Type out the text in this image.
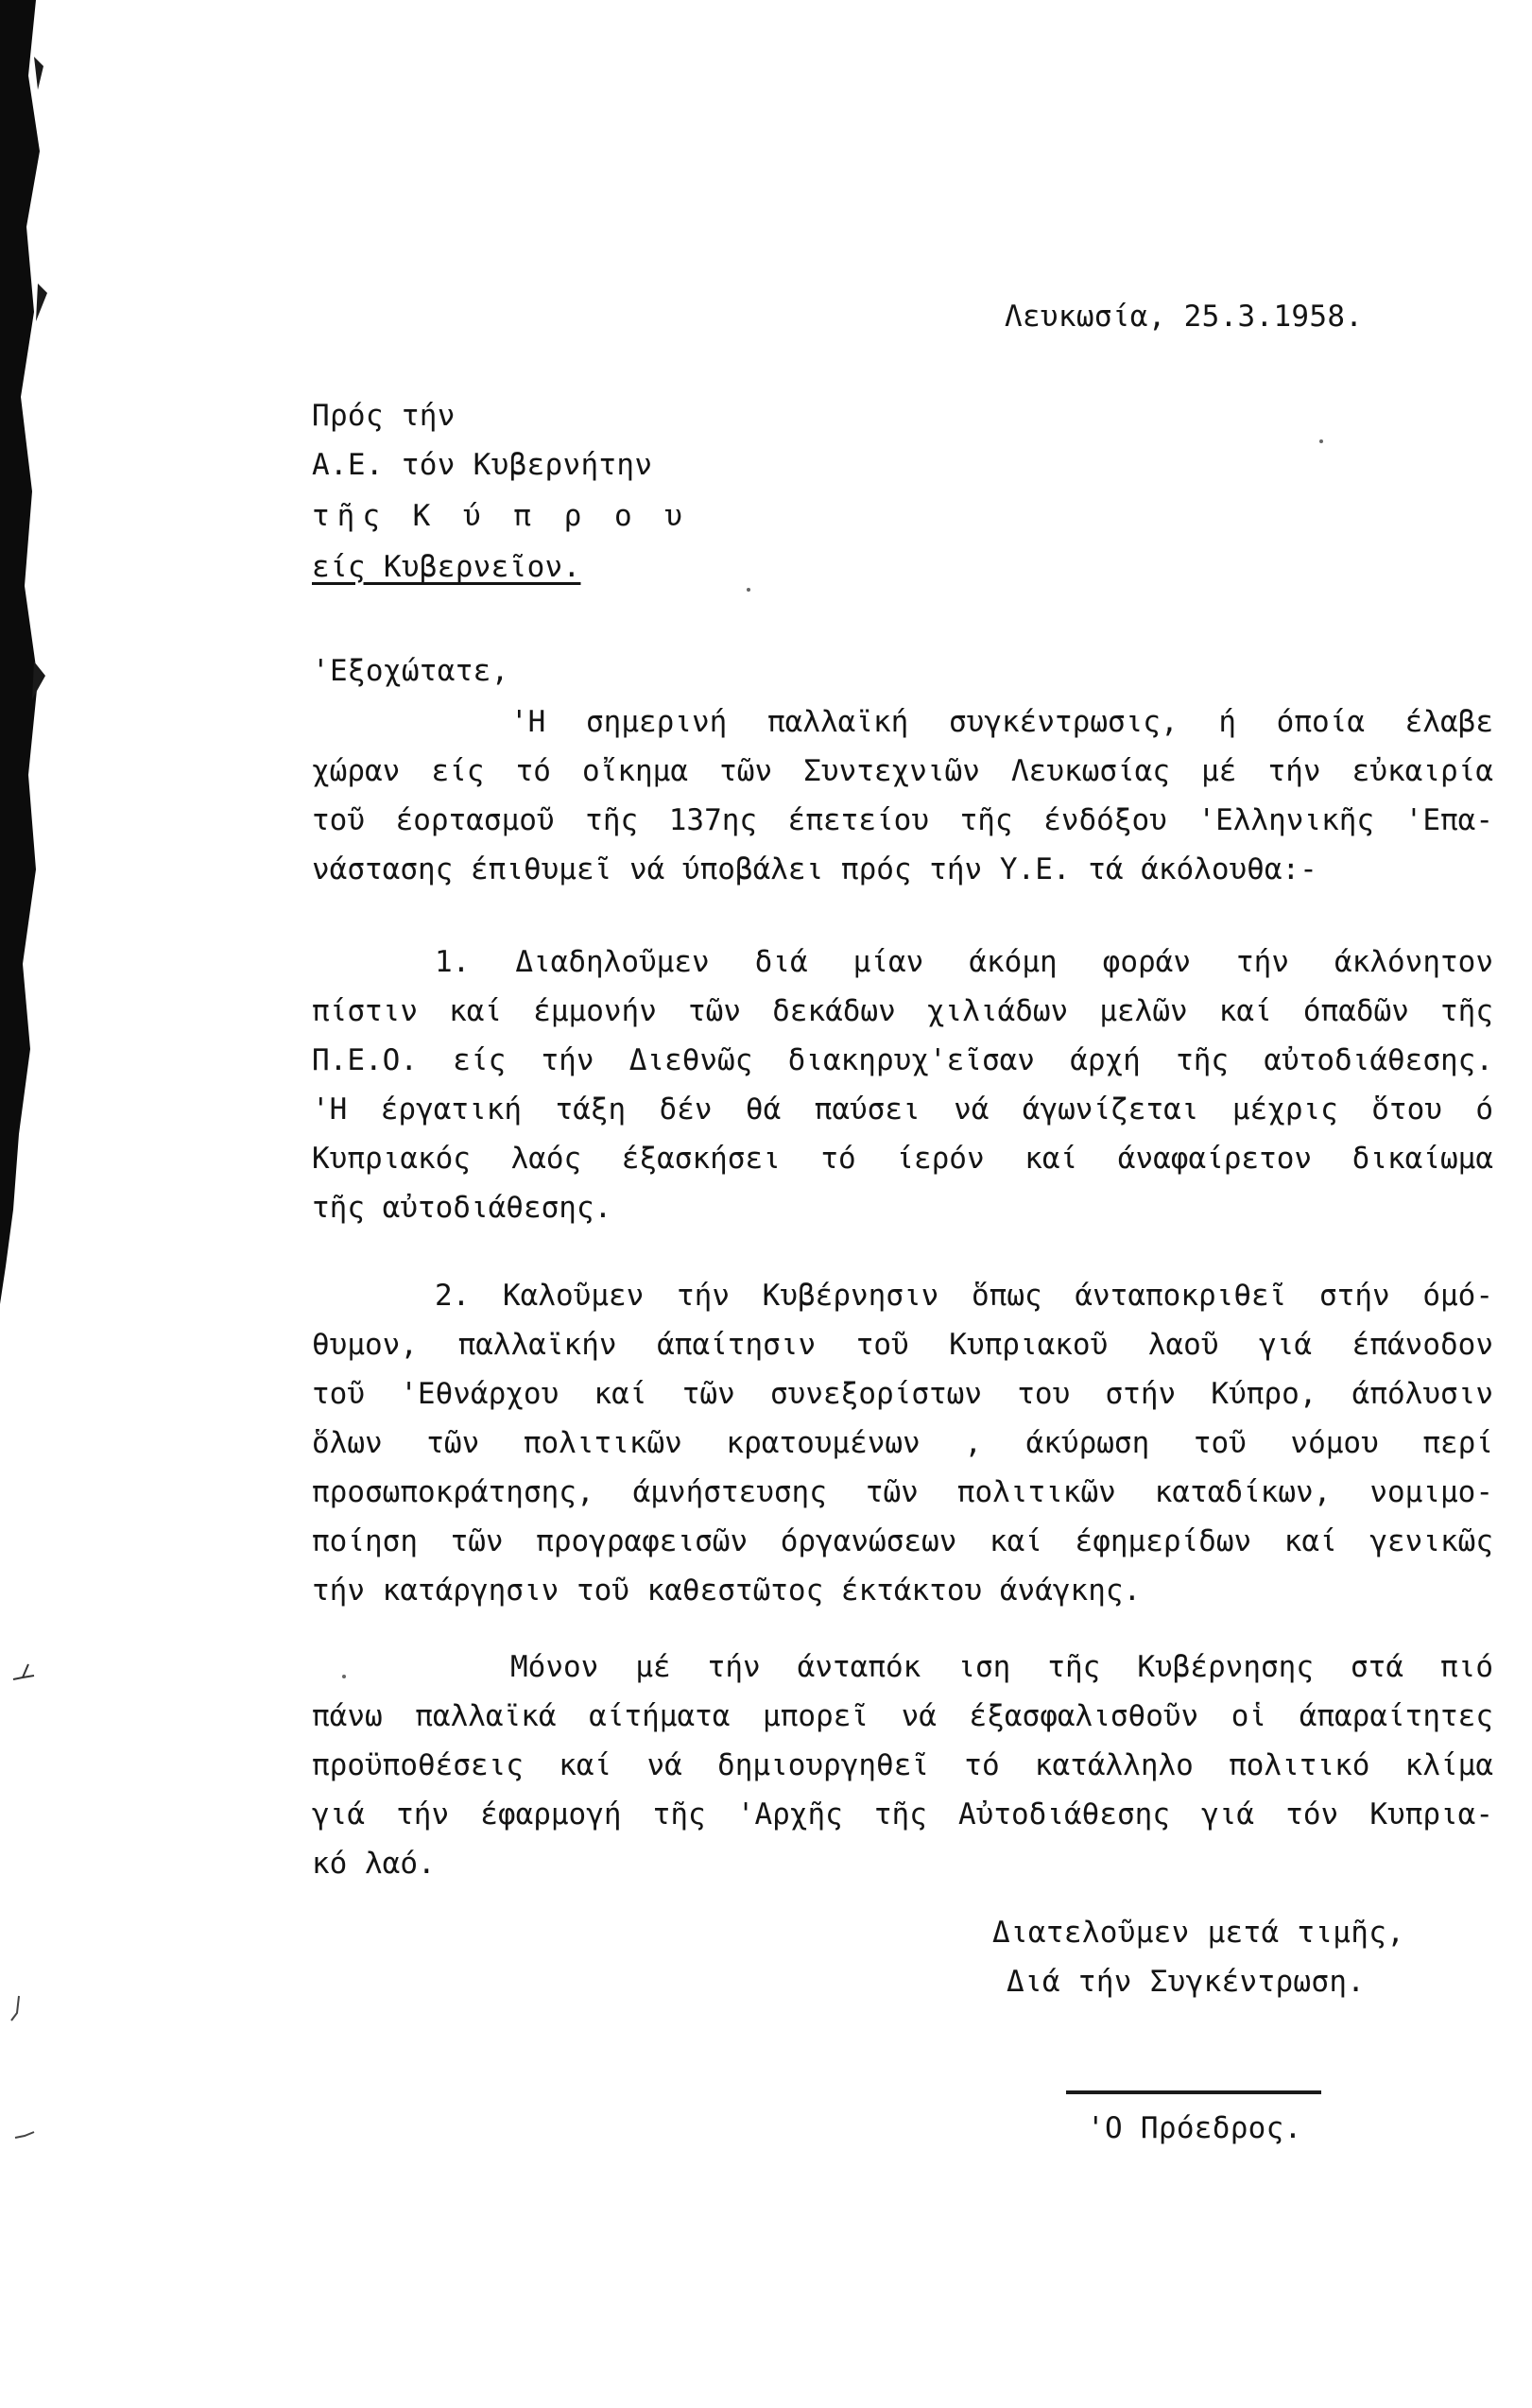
Λευκωσία, 25.3.1958.
Πρός τήν
Α.Ε. τόν Κυβερνήτην
τῆς Κ ύ π ρ ο υ
είς Κυβερνεῖον.
'Εξοχώτατε,
'Η σημερινή παλλαϊκή συγκέντρωσις, ή όποία έλαβε
χώραν είς τό οἴκημα τῶν Συντεχνιῶν Λευκωσίας μέ τήν εὐκαιρία
τοῦ έορτασμοῦ τῆς 137ης έπετείου τῆς ένδόξου 'Ελληνικῆς 'Επα-
νάστασης έπιθυμεῖ νά ύποβάλει πρός τήν Υ.Ε. τά άκόλουθα:-
1. Διαδηλοῦμεν διά μίαν άκόμη φοράν τήν άκλόνητον
πίστιν καί έμμονήν τῶν δεκάδων χιλιάδων μελῶν καί όπαδῶν τῆς
Π.Ε.Ο. είς τήν Διεθνῶς διακηρυχ'εῖσαν άρχή τῆς αὐτοδιάθεσης.
'Η έργατική τάξη δέν θά παύσει νά άγωνίζεται μέχρις ὅτου ό
Κυπριακός λαός έξασκήσει τό ίερόν καί άναφαίρετον δικαίωμα
τῆς αὐτοδιάθεσης.
2. Καλοῦμεν τήν Κυβέρνησιν ὅπως άνταποκριθεῖ στήν όμό-
θυμον, παλλαϊκήν άπαίτησιν τοῦ Κυπριακοῦ λαοῦ γιά έπάνοδον
τοῦ 'Εθνάρχου καί τῶν συνεξορίστων του στήν Κύπρο, άπόλυσιν
ὅλων τῶν πολιτικῶν κρατουμένων , άκύρωση τοῦ νόμου περί
προσωποκράτησης, άμνήστευσης τῶν πολιτικῶν καταδίκων, νομιμο-
ποίηση τῶν προγραφεισῶν όργανώσεων καί έφημερίδων καί γενικῶς
τήν κατάργησιν τοῦ καθεστῶτος έκτάκτου άνάγκης.
Μόνον μέ τήν άνταπόκ ιση τῆς Κυβέρνησης στά πιό
πάνω παλλαϊκά αίτήματα μπορεῖ νά έξασφαλισθοῦν οἱ άπαραίτητες
προϋποθέσεις καί νά δημιουργηθεῖ τό κατάλληλο πολιτικό κλίμα
γιά τήν έφαρμογή τῆς 'Αρχῆς τῆς Αὐτοδιάθεσης γιά τόν Κυπρια-
κό λαό.
Διατελοῦμεν μετά τιμῆς,
Διά τήν Συγκέντρωση.
'Ο Πρόεδρος.
